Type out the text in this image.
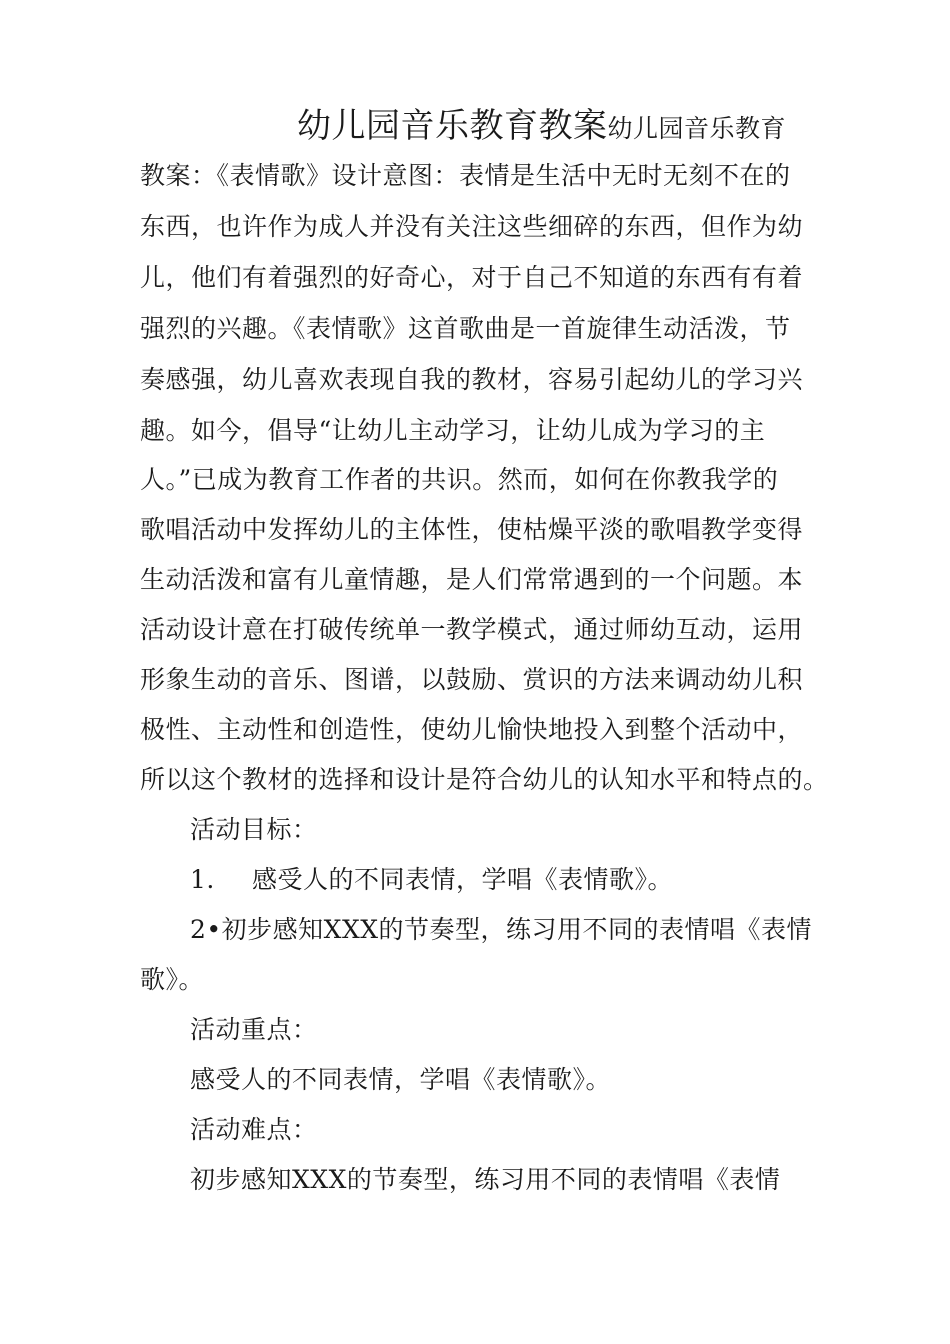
幼儿园音乐教育教案幼儿园音乐教育
教案：《表情歌》设计意图：表情是生活中无时无刻不在的
东西，也许作为成人并没有关注这些细碎的东西，但作为幼
儿，他们有着强烈的好奇心，对于自己不知道的东西有有着
强烈的兴趣。《表情歌》这首歌曲是一首旋律生动活泼，节
奏感强，幼儿喜欢表现自我的教材，容易引起幼儿的学习兴
趣。如今，倡导“让幼儿主动学习，让幼儿成为学习的主
人。”已成为教育工作者的共识。然而，如何在你教我学的
歌唱活动中发挥幼儿的主体性，使枯燥平淡的歌唱教学变得
生动活泼和富有儿童情趣，是人们常常遇到的一个问题。本
活动设计意在打破传统单一教学模式，通过师幼互动，运用
形象生动的音乐、图谱，以鼓励、赏识的方法来调动幼儿积
极性、主动性和创造性，使幼儿愉快地投入到整个活动中，
所以这个教材的选择和设计是符合幼儿的认知水平和特点的。
活动目标：
1. 感受人的不同表情，学唱《表情歌》。
2•初步感知XXX的节奏型，练习用不同的表情唱《表情
歌》。
活动重点：
感受人的不同表情，学唱《表情歌》。
活动难点：
初步感知XXX的节奏型，练习用不同的表情唱《表情
